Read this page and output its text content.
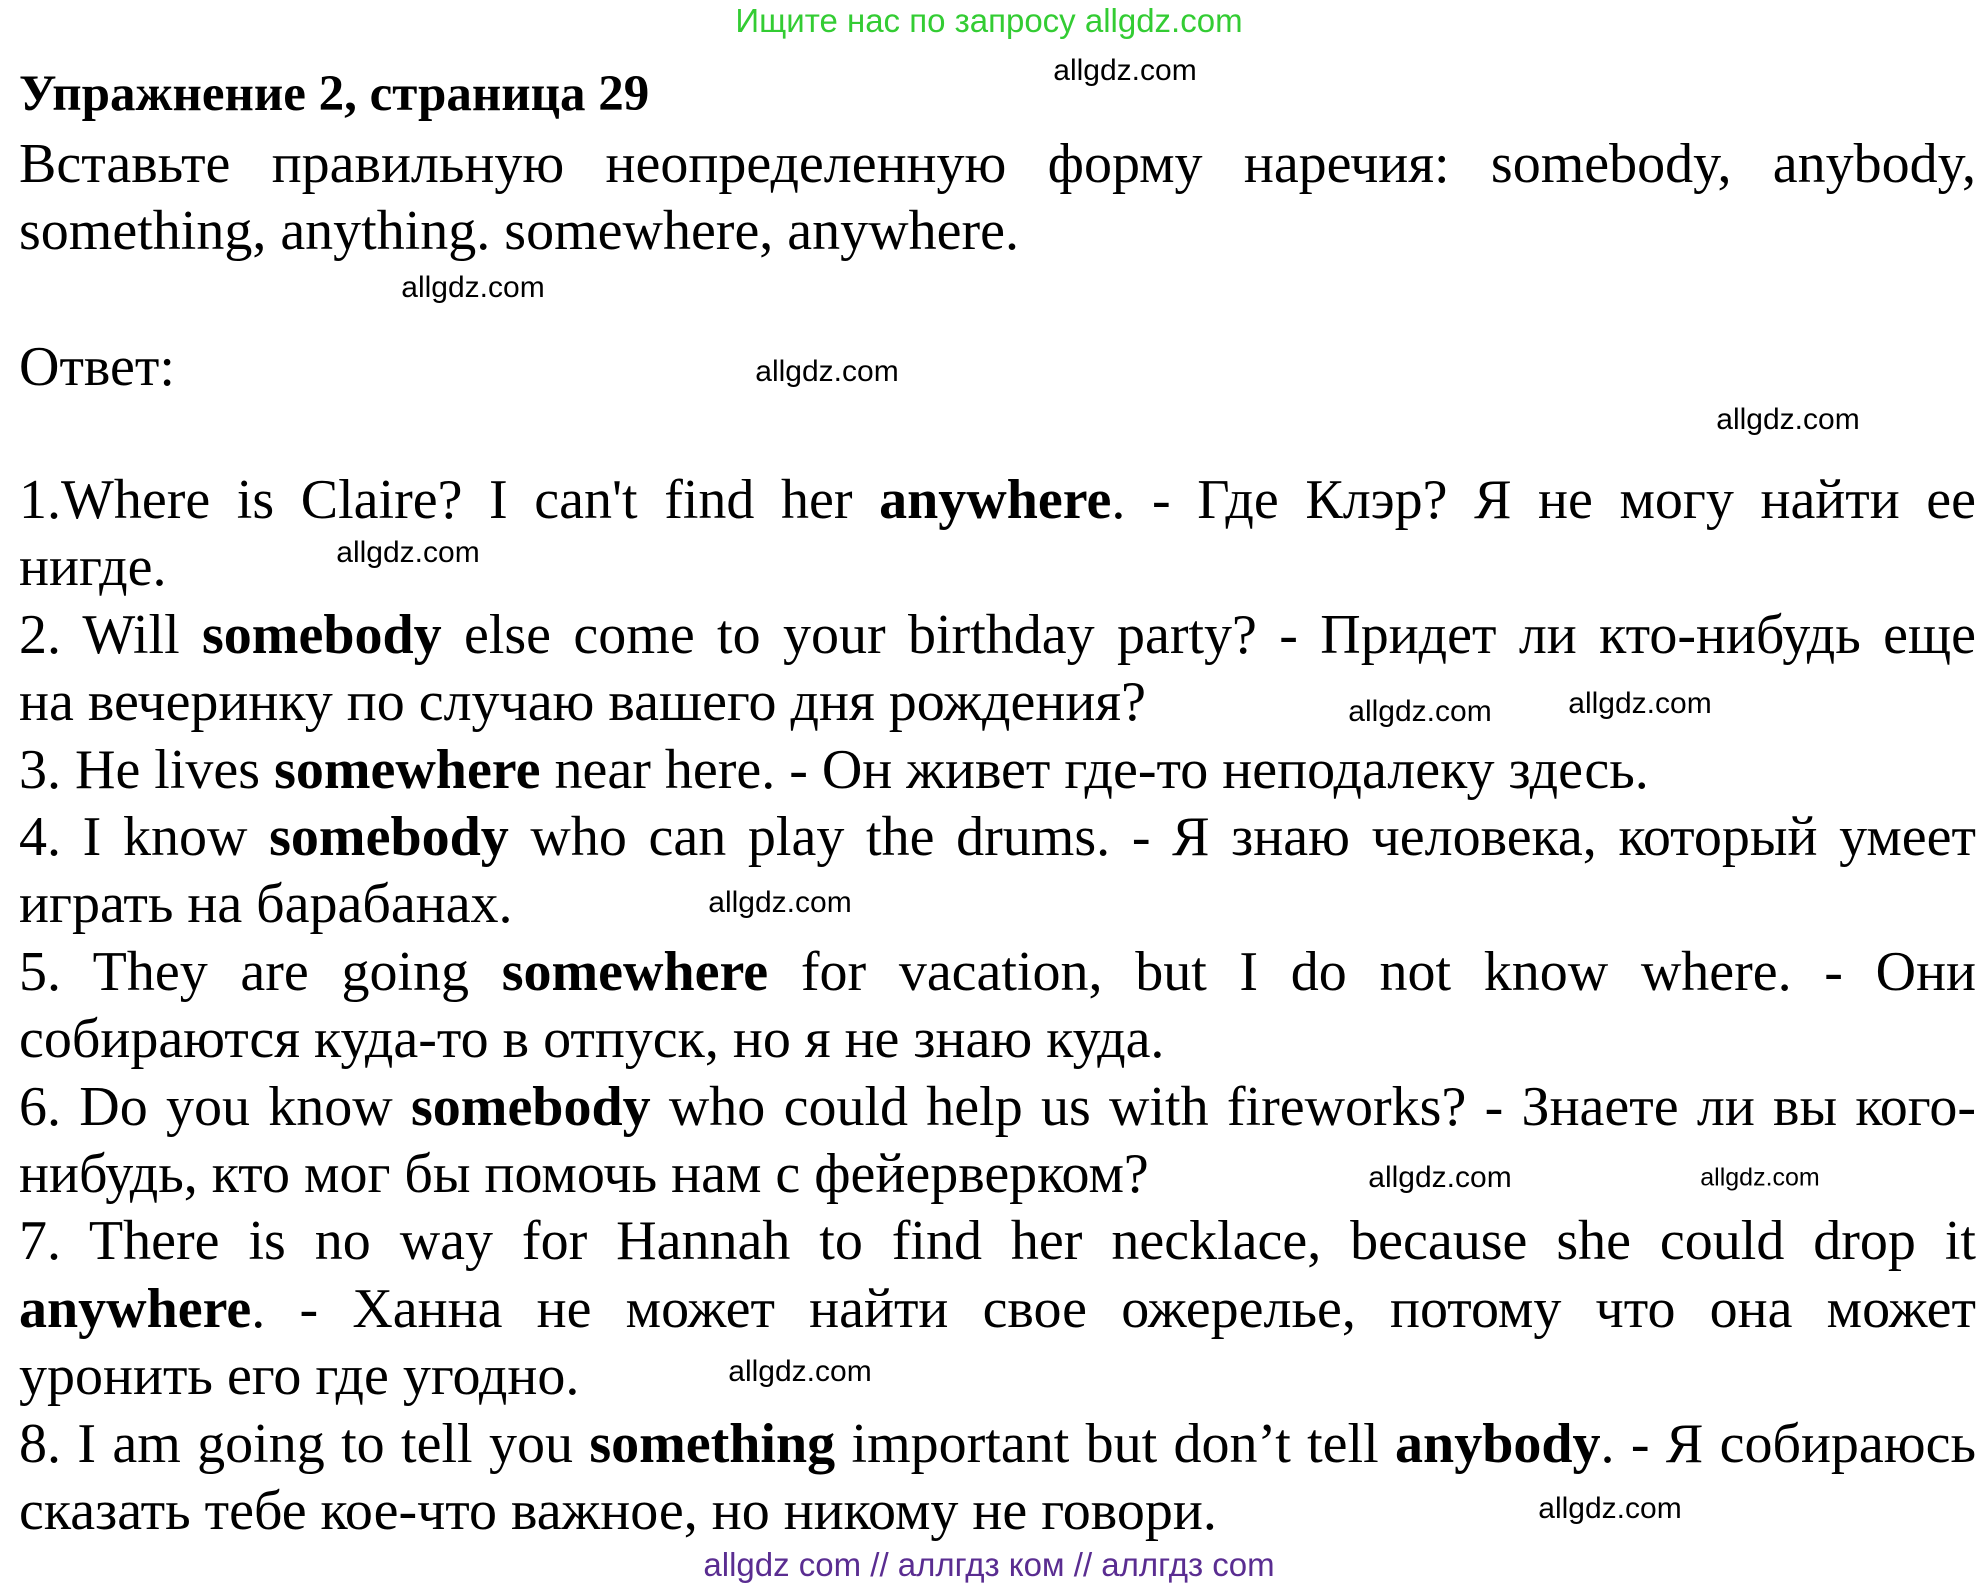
Ищите нас по запросу allgdz.com
Упражнение 2, страница 29
Вставьте правильную неопределенную форму наречия: somebody, anybody,
something, anything. somewhere, anywhere.
Ответ:
1.Where is Claire? I can't find her anywhere. - Где Клэр? Я не могу найти ее
нигде.
2. Will somebody else come to your birthday party? - Придет ли кто-нибудь еще
на вечеринку по случаю вашего дня рождения?
3. He lives somewhere near here. - Он живет где-то неподалеку здесь.
4. I know somebody who can play the drums. - Я знаю человека, который умеет
играть на барабанах.
5. They are going somewhere for vacation, but I do not know where. - Они
собираются куда-то в отпуск, но я не знаю куда.
6. Do you know somebody who could help us with fireworks? - Знаете ли вы кого-
нибудь, кто мог бы помочь нам с фейерверком?
7. There is no way for Hannah to find her necklace, because she could drop it
anywhere. - Ханна не может найти свое ожерелье, потому что она может
уронить его где угодно.
8. I am going to tell you something important but don’t tell anybody. - Я собираюсь
сказать тебе кое-что важное, но никому не говори.
allgdz.com
allgdz.com
allgdz.com
allgdz.com
allgdz.com
allgdz.com
allgdz.com
allgdz.com
allgdz.com	allgdz.com
allgdz.com
allgdz.com
allgdz com // аллгдз ком // аллгдз com
